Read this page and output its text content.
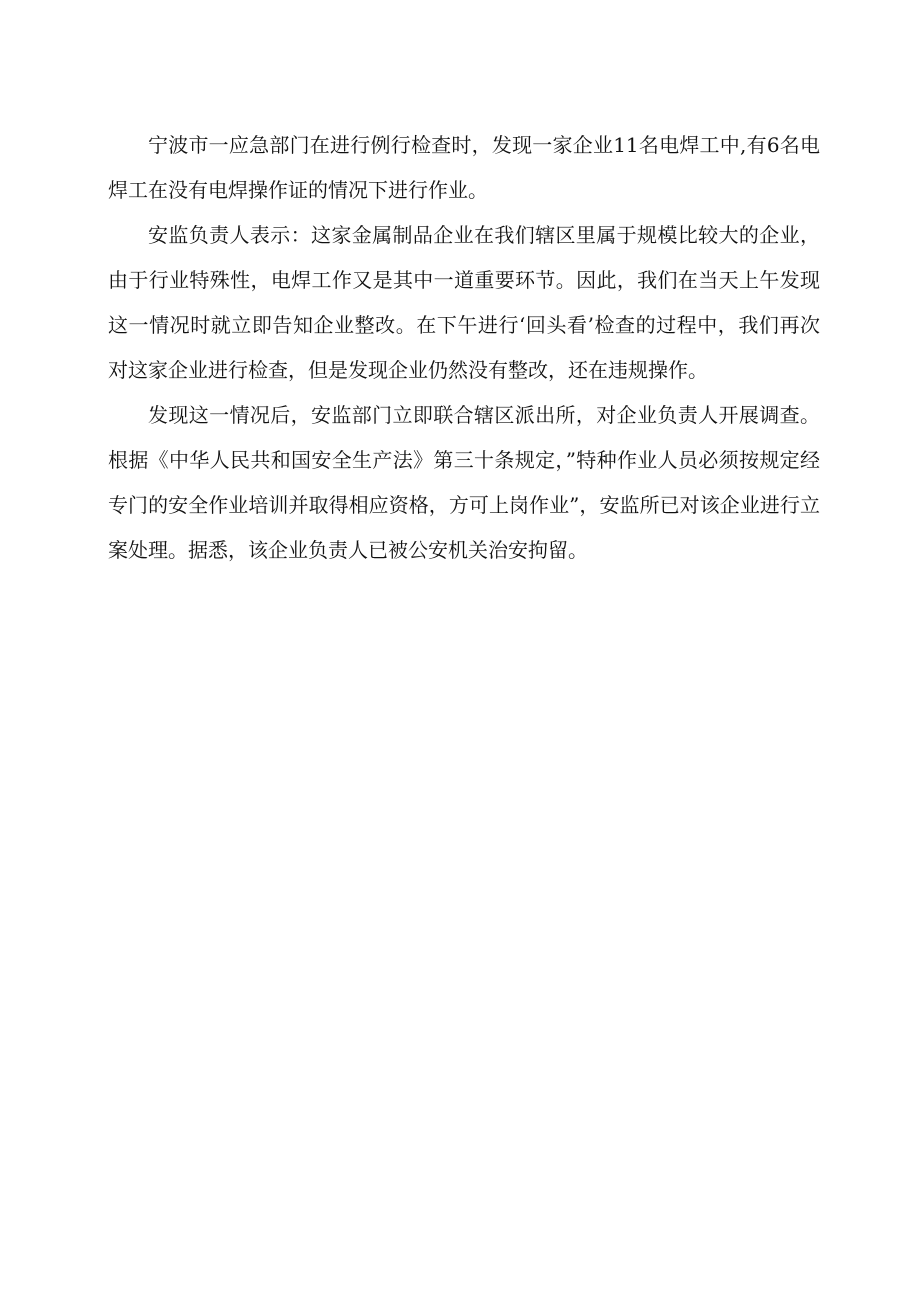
宁波市一应急部门在进行例行检查时，发现一家企业11名电焊工中,有6名电焊工在没有电焊操作证的情况下进行作业。

安监负责人表示：这家金属制品企业在我们辖区里属于规模比较大的企业，由于行业特殊性，电焊工作又是其中一道重要环节。因此，我们在当天上午发现这一情况时就立即告知企业整改。在下午进行‘回头看’检查的过程中，我们再次对这家企业进行检查，但是发现企业仍然没有整改，还在违规操作。

发现这一情况后，安监部门立即联合辖区派出所，对企业负责人开展调查。根据《中华人民共和国安全生产法》第三十条规定，”特种作业人员必须按规定经专门的安全作业培训并取得相应资格，方可上岗作业”，安监所已对该企业进行立案处理。据悉，该企业负责人已被公安机关治安拘留。
